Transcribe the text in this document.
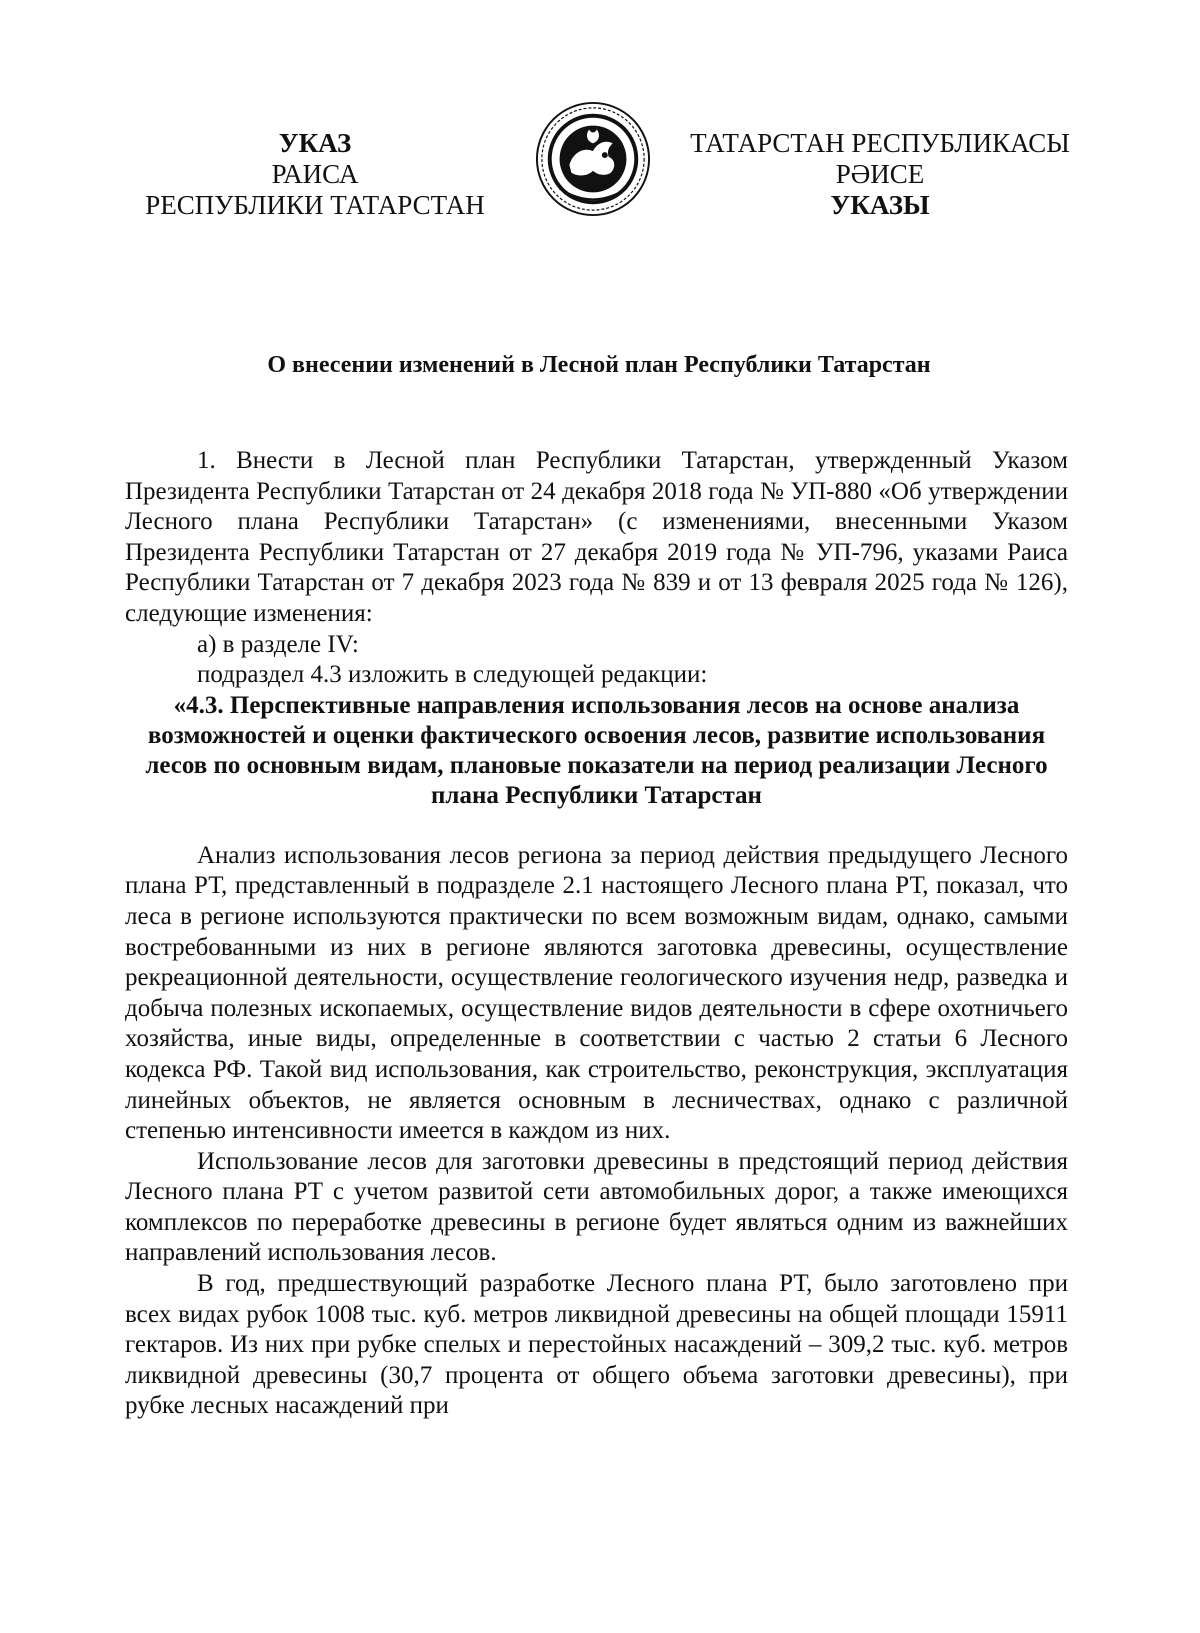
УКАЗ
РАИСА
РЕСПУБЛИКИ ТАТАРСТАН
ТАТАРСТАН РЕСПУБЛИКАСЫ
РӘИСЕ
УКАЗЫ
О внесении изменений в Лесной план Республики Татарстан

1. Внести в Лесной план Республики Татарстан, утвержденный Указом Президента Республики Татарстан от 24 декабря 2018 года № УП-880 «Об утверждении Лесного плана Республики Татарстан» (с изменениями, внесенными Указом Президента Республики Татарстан от 27 декабря 2019 года № УП-796, указами Раиса Республики Татарстан от 7 декабря 2023 года № 839 и от 13 февраля 2025 года № 126), следующие изменения:

а) в разделе IV:

подраздел 4.3 изложить в следующей редакции:

«4.3. Перспективные направления использования лесов на основе анализа возможностей и оценки фактического освоения лесов, развитие использования лесов по основным видам, плановые показатели на период реализации Лесного плана Республики Татарстан

Анализ использования лесов региона за период действия предыдущего Лесного плана РТ, представленный в подразделе 2.1 настоящего Лесного плана РТ, показал, что леса в регионе используются практически по всем возможным видам, однако, самыми востребованными из них в регионе являются заготовка древесины, осуществление рекреационной деятельности, осуществление геологического изучения недр, разведка и добыча полезных ископаемых, осуществление видов деятельности в сфере охотничьего хозяйства, иные виды, определенные в соответствии с частью 2 статьи 6 Лесного кодекса РФ. Такой вид использования, как строительство, реконструкция, эксплуатация линейных объектов, не является основным в лесничествах, однако с различной степенью интенсивности имеется в каждом из них.

Использование лесов для заготовки древесины в предстоящий период действия Лесного плана РТ с учетом развитой сети автомобильных дорог, а также имеющихся комплексов по переработке древесины в регионе будет являться одним из важнейших направлений использования лесов.

В год, предшествующий разработке Лесного плана РТ, было заготовлено при всех видах рубок 1008 тыс. куб. метров ликвидной древесины на общей площади 15911 гектаров. Из них при рубке спелых и перестойных насаждений – 309,2 тыс. куб. метров ликвидной древесины (30,7 процента от общего объема заготовки древесины), при рубке лесных насаждений при
